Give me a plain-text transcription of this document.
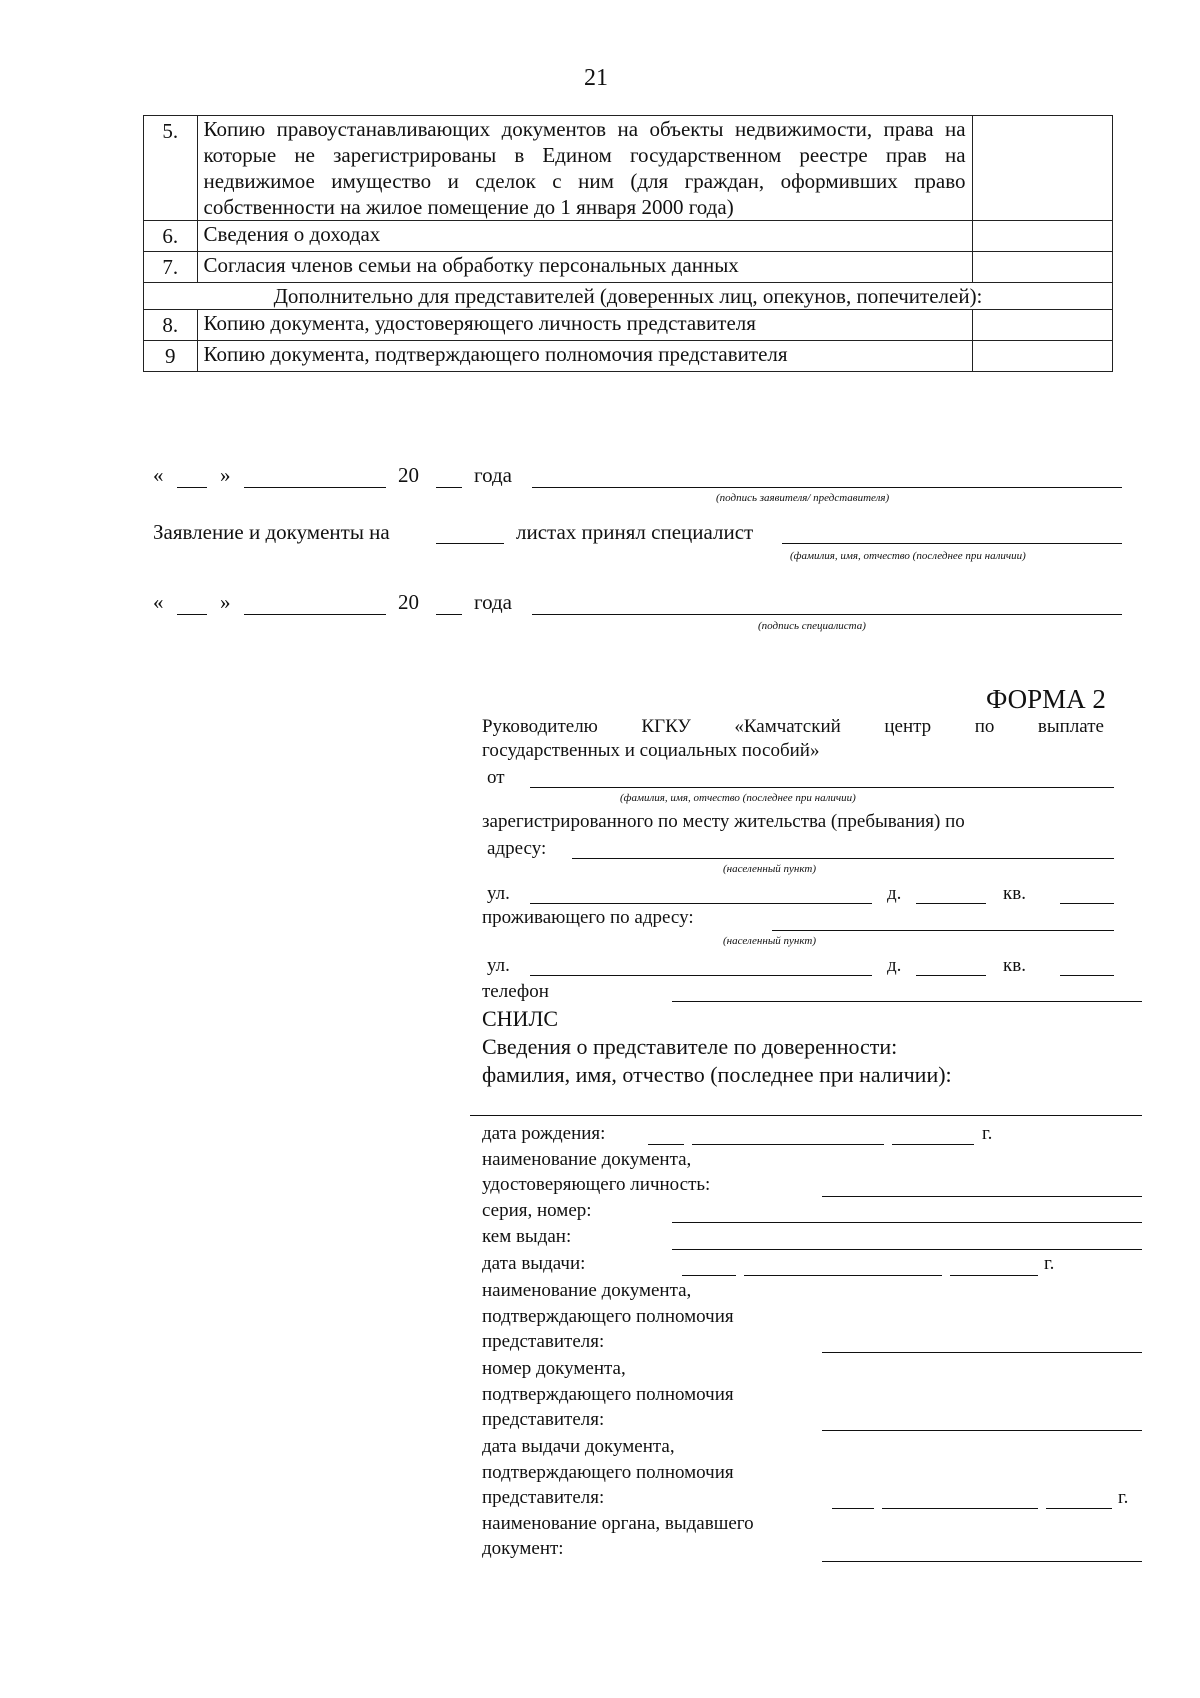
21
5.	Копию правоустанавливающих документов на объекты недвижимости, права на которые не зарегистрированы в Едином государственном реестре прав на недвижимое имущество и сделок с ним (для граждан, оформивших право собственности на жилое помещение до 1 января 2000 года)	
6.	Сведения о доходах	
7.	Согласия членов семьи на обработку персональных данных	
Дополнительно для представителей (доверенных лиц, опекунов, попечителей):		
8.	Копию документа, удостоверяющего личность представителя	
9	Копию документа, подтверждающего полномочия представителя	
«	»	20	года
(подпись заявителя/ представителя)
Заявление и документы на	листах принял специалист
(фамилия, имя, отчество (последнее при наличии)
«	»	20	года
(подпись специалиста)
ФОРМА 2
Руководителю КГКУ «Камчатский центр по выплате
государственных и социальных пособий»
от
(фамилия, имя, отчество (последнее при наличии)
зарегистрированного по месту жительства (пребывания) по
адресу:
(населенный пункт)
ул.	д.	кв.
проживающего по адресу:
(населенный пункт)
ул.	д.	кв.
телефон
СНИЛС
Сведения о представителе по доверенности:
фамилия, имя, отчество (последнее при наличии):
дата рождения:	г.
наименование документа,
удостоверяющего личность:
серия, номер:
кем выдан:
дата выдачи:	г.
наименование документа,
подтверждающего полномочия
представителя:
номер документа,
подтверждающего полномочия
представителя:
дата выдачи документа,
подтверждающего полномочия
представителя:	г.
наименование органа, выдавшего
документ:
